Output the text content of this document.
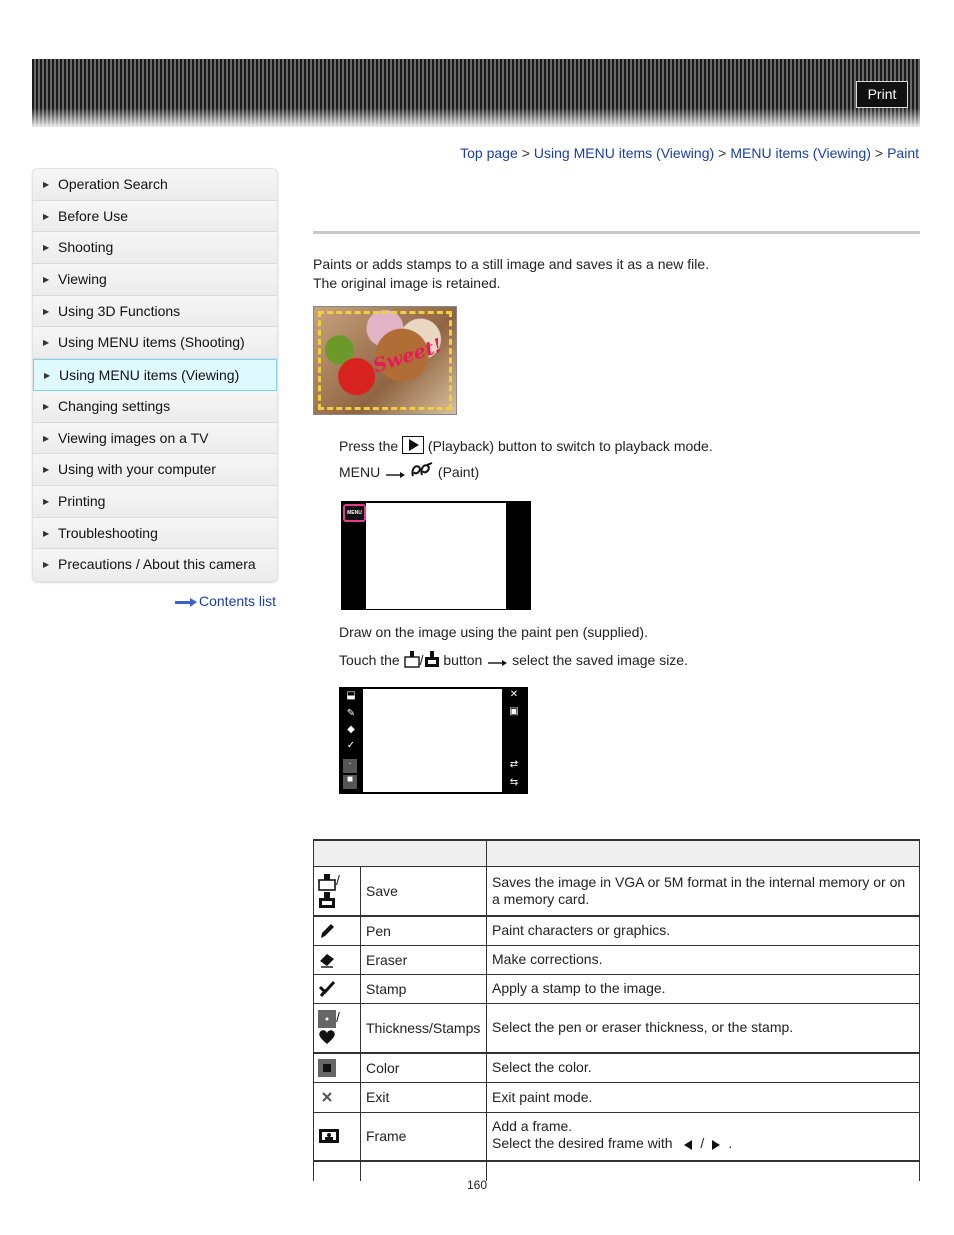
Print
Top page > Using MENU items (Viewing) > MENU items (Viewing) > Paint
▶ Operation Search
▶ Before Use
▶ Shooting
▶ Viewing
▶ Using 3D Functions
▶ Using MENU items (Shooting)
▶ Using MENU items (Viewing)
▶ Changing settings
▶ Viewing images on a TV
▶ Using with your computer
▶ Printing
▶ Troubleshooting
▶ Precautions / About this camera
Contents list
Paints or adds stamps to a still image and saves it as a new file.
The original image is retained.
Sweet!
Press the  (Playback) button to switch to playback mode.
MENU	(Paint)
MENU
Draw on the image using the paint pen (supplied).
Touch the / button select the saved image size.
⬓
✎
◆
✓
·
■
✕
▣
⇄
⇆

/	Save	Saves the image in VGA or 5M format in the internal memory or on a memory card.

	Pen	Paint characters or graphics.

	Eraser	Make corrections.

	Stamp	Apply a stamp to the image.

/	Thickness/Stamps	Select the pen or eraser thickness, or the stamp.

	Color	Select the color.

	Exit	Exit paint mode.

	Frame	Add a frame.
Select the desired frame with / .

160
